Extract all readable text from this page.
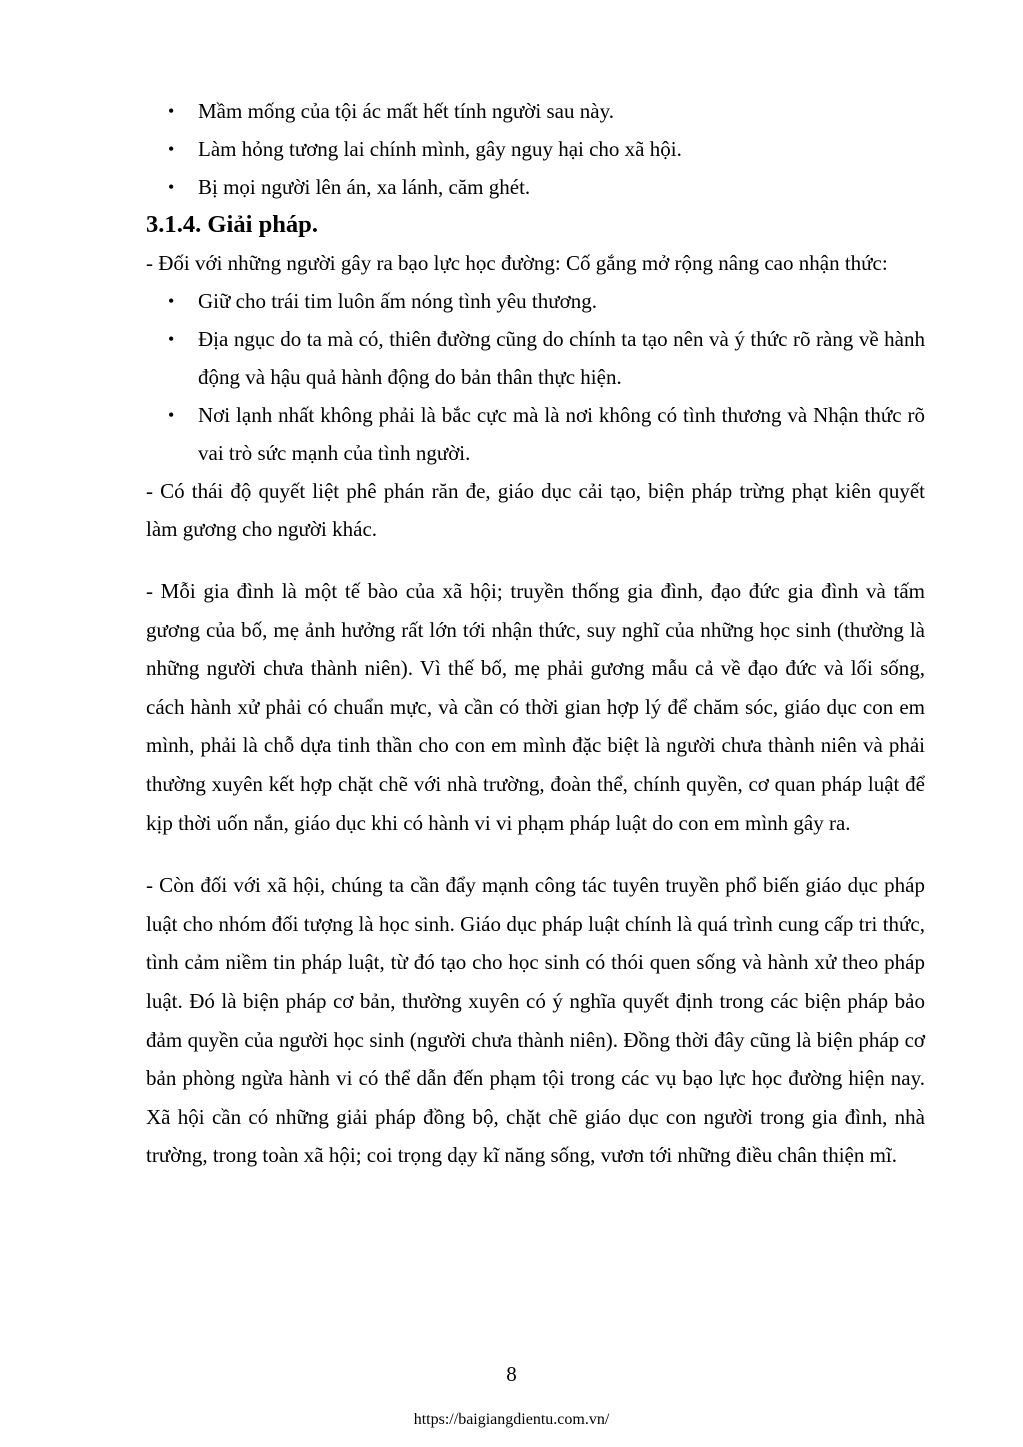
• Mầm mống của tội ác mất hết tính người sau này.
• Làm hỏng tương lai chính mình, gây nguy hại cho xã hội.
• Bị mọi người lên án, xa lánh, căm ghét.
3.1.4. Giải pháp.

- Đối với những người gây ra bạo lực học đường: Cố gắng mở rộng nâng cao nhận thức:

• Giữ cho trái tim luôn ấm nóng tình yêu thương.
• Địa ngục do ta mà có, thiên đường cũng do chính ta tạo nên và ý thức rõ ràng về hành động và hậu quả hành động do bản thân thực hiện.
• Nơi lạnh nhất không phải là bắc cực mà là nơi không có tình thương và Nhận thức rõ vai trò sức mạnh của tình người.

- Có thái độ quyết liệt phê phán răn đe, giáo dục cải tạo, biện pháp trừng phạt kiên quyết làm gương cho người khác.

- Mỗi gia đình là một tế bào của xã hội; truyền thống gia đình, đạo đức gia đình và tấm gương của bố, mẹ ảnh hưởng rất lớn tới nhận thức, suy nghĩ của những học sinh (thường là những người chưa thành niên). Vì thế bố, mẹ phải gương mẫu cả về đạo đức và lối sống, cách hành xử phải có chuẩn mực, và cần có thời gian hợp lý để chăm sóc, giáo dục con em mình, phải là chỗ dựa tinh thần cho con em mình đặc biệt là người chưa thành niên và phải thường xuyên kết hợp chặt chẽ với nhà trường, đoàn thể, chính quyền, cơ quan pháp luật để kịp thời uốn nắn, giáo dục khi có hành vi vi phạm pháp luật do con em mình gây ra.

- Còn đối với xã hội, chúng ta cần đẩy mạnh công tác tuyên truyền phổ biến giáo dục pháp luật cho nhóm đối tượng là học sinh. Giáo dục pháp luật chính là quá trình cung cấp tri thức, tình cảm niềm tin pháp luật, từ đó tạo cho học sinh có thói quen sống và hành xử theo pháp luật. Đó là biện pháp cơ bản, thường xuyên có ý nghĩa quyết định trong các biện pháp bảo đảm quyền của người học sinh (người chưa thành niên). Đồng thời đây cũng là biện pháp cơ bản phòng ngừa hành vi có thể dẫn đến phạm tội trong các vụ bạo lực học đường hiện nay. Xã hội cần có những giải pháp đồng bộ, chặt chẽ giáo dục con người trong gia đình, nhà trường, trong toàn xã hội; coi trọng dạy kĩ năng sống, vươn tới những điều chân thiện mĩ.

8
https://baigiangdientu.com.vn/
